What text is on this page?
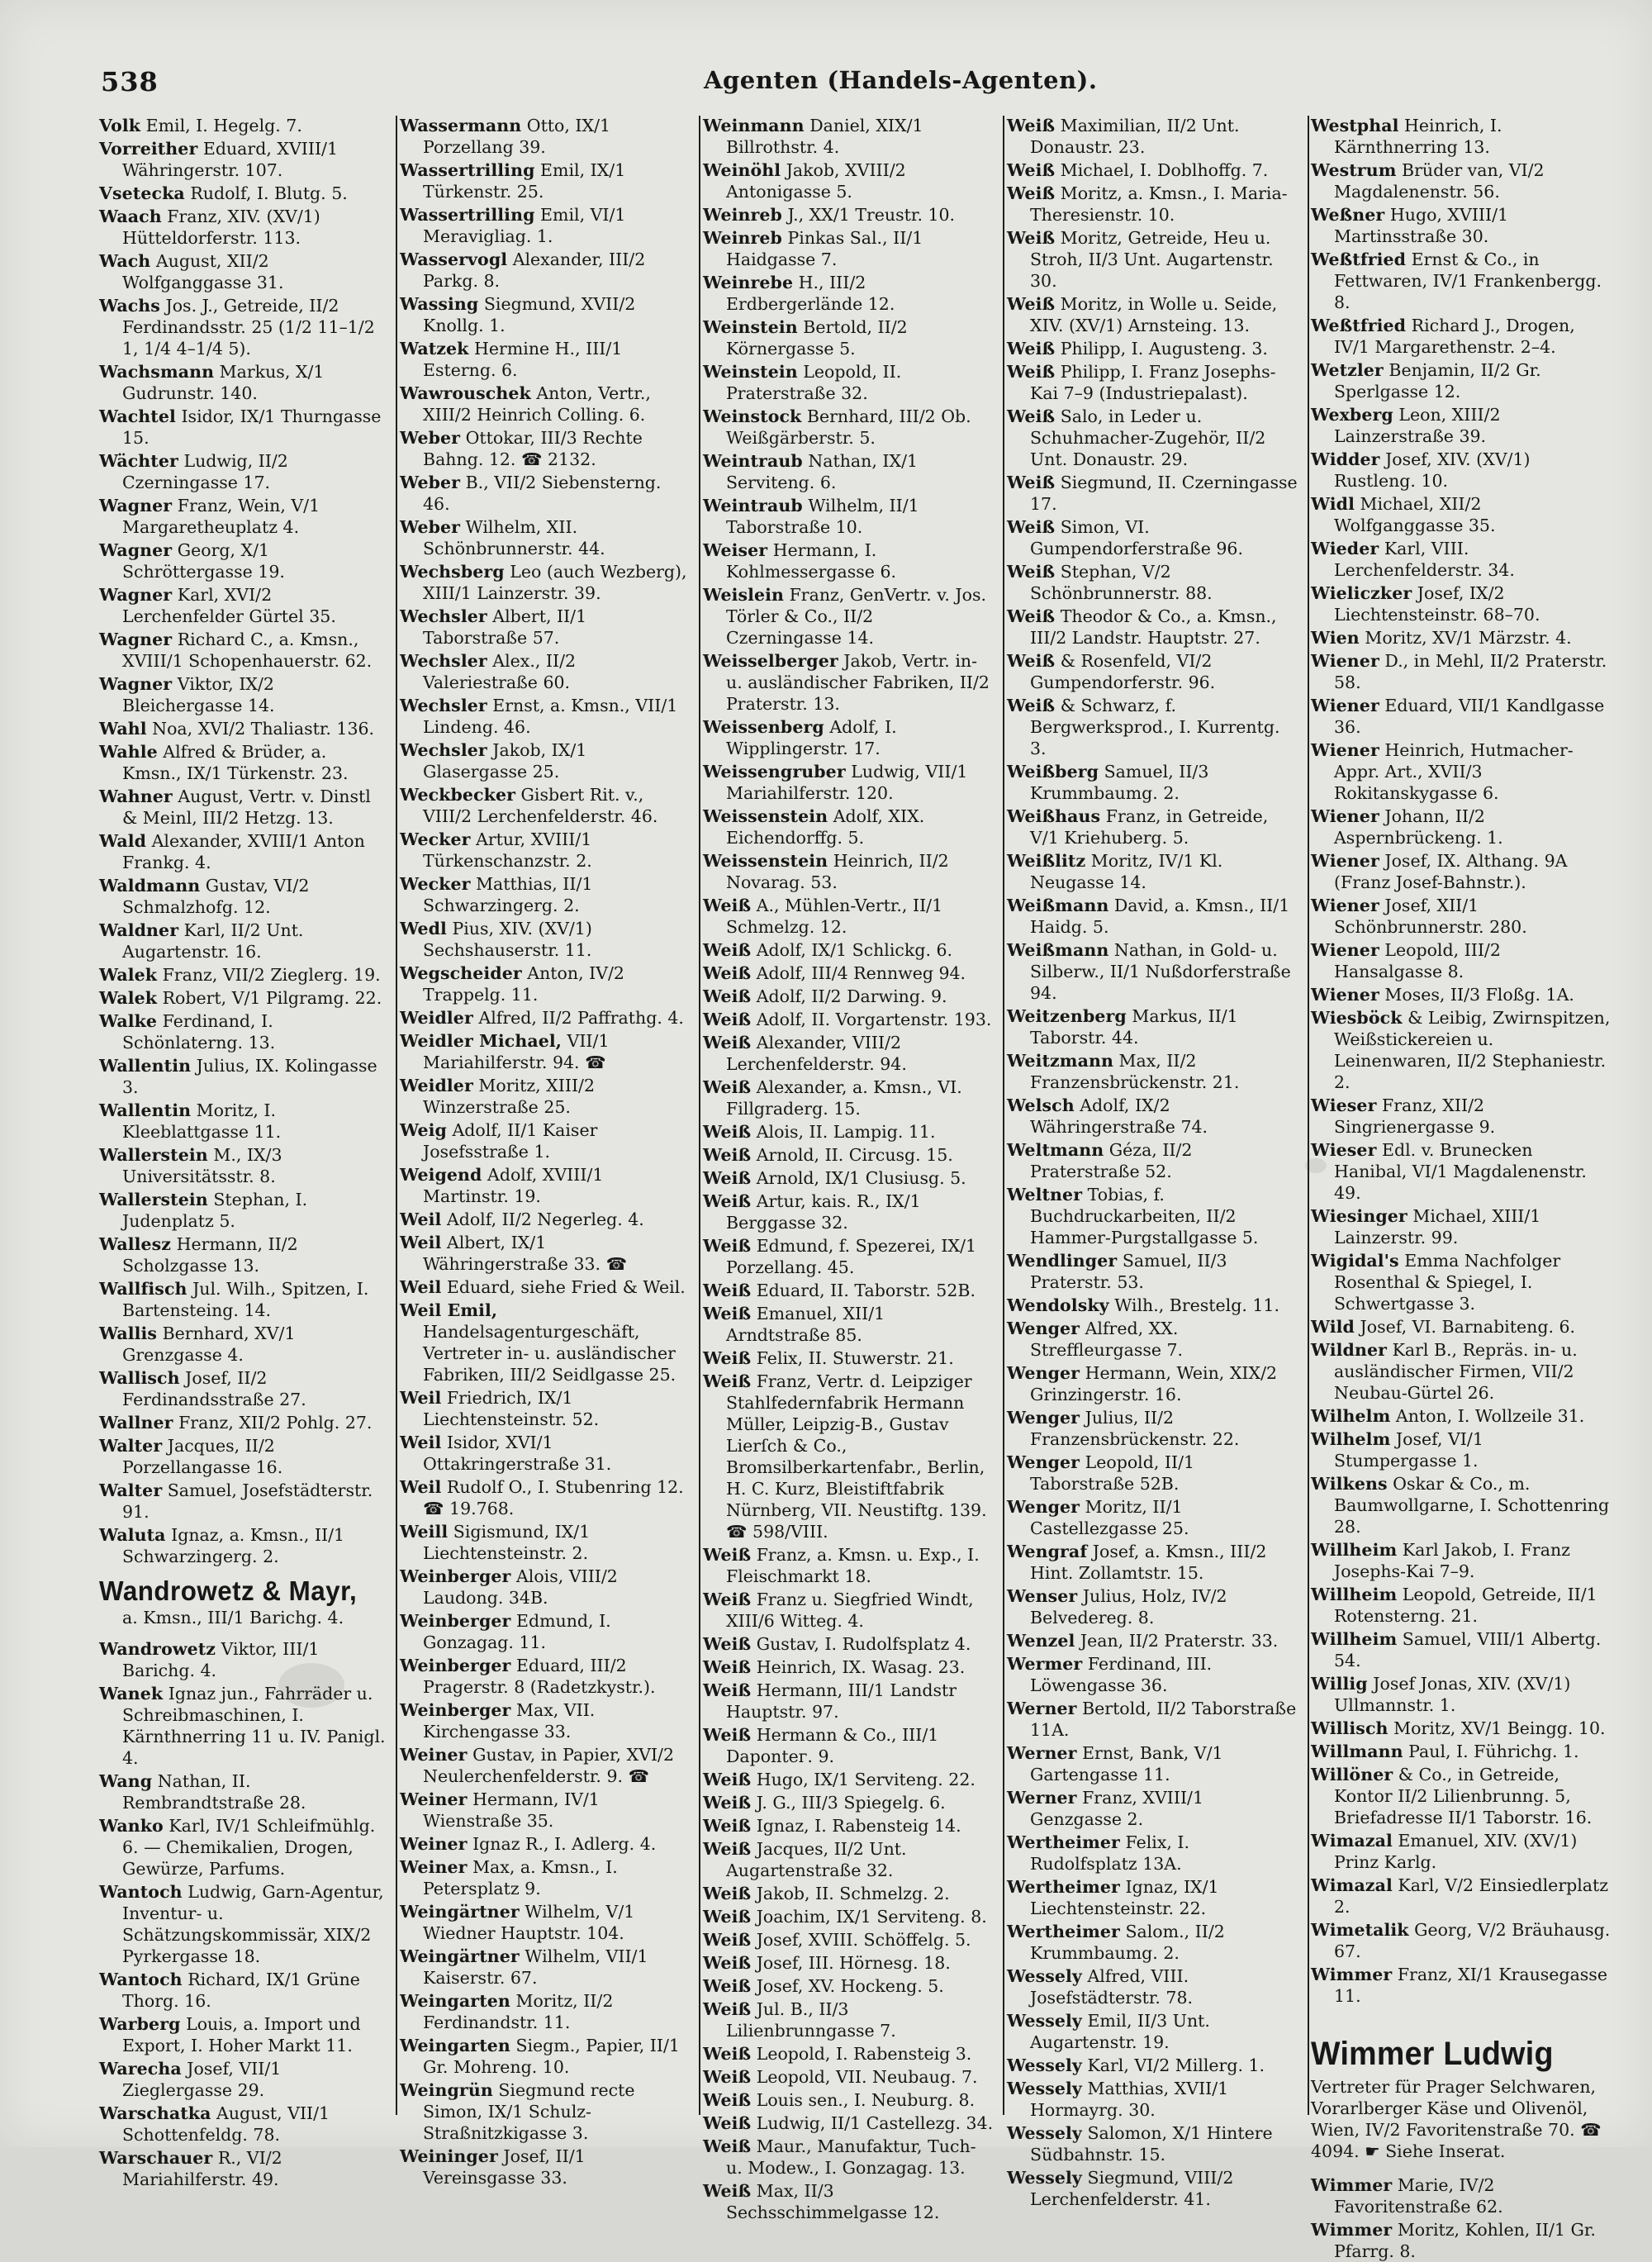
538	Agenten (Handels-Agenten).
Volk Emil, I. Hegelg. 7.
Vorreither Eduard, XVIII/1 Währingerstr. 107.
Vsetecka Rudolf, I. Blutg. 5.
Waach Franz, XIV. (XV/1) Hütteldorferstr. 113.
Wach August, XII/2 Wolfganggasse 31.
Wachs Jos. J., Getreide, II/2 Ferdinandsstr. 25 (1/2 11–1/2 1, 1/4 4–1/4 5).
Wachsmann Markus, X/1 Gudrunstr. 140.
Wachtel Isidor, IX/1 Thurngasse 15.
Wächter Ludwig, II/2 Czerningasse 17.
Wagner Franz, Wein, V/1 Margaretheuplatz 4.
Wagner Georg, X/1 Schröttergasse 19.
Wagner Karl, XVI/2 Lerchenfelder Gürtel 35.
Wagner Richard C., a. Kmsn., XVIII/1 Schopenhauerstr. 62.
Wagner Viktor, IX/2 Bleichergasse 14.
Wahl Noa, XVI/2 Thaliastr. 136.
Wahle Alfred & Brüder, a. Kmsn., IX/1 Türkenstr. 23.
Wahner August, Vertr. v. Dinstl & Meinl, III/2 Hetzg. 13.
Wald Alexander, XVIII/1 Anton Frankg. 4.
Waldmann Gustav, VI/2 Schmalzhofg. 12.
Waldner Karl, II/2 Unt. Augartenstr. 16.
Walek Franz, VII/2 Zieglerg. 19.
Walek Robert, V/1 Pilgramg. 22.
Walke Ferdinand, I. Schönlaterng. 13.
Wallentin Julius, IX. Kolingasse 3.
Wallentin Moritz, I. Kleeblattgasse 11.
Wallerstein M., IX/3 Universitätsstr. 8.
Wallerstein Stephan, I. Judenplatz 5.
Wallesz Hermann, II/2 Scholzgasse 13.
Wallfisch Jul. Wilh., Spitzen, I. Bartensteing. 14.
Wallis Bernhard, XV/1 Grenzgasse 4.
Wallisch Josef, II/2 Ferdinandsstraße 27.
Wallner Franz, XII/2 Pohlg. 27.
Walter Jacques, II/2 Porzellangasse 16.
Walter Samuel, Josefstädterstr. 91.
Waluta Ignaz, a. Kmsn., II/1 Schwarzingerg. 2.
Wandrowetz & Mayr,
a. Kmsn., III/1 Barichg. 4.
Wandrowetz Viktor, III/1 Barichg. 4.
Wanek Ignaz jun., Fahrräder u. Schreibmaschinen, I. Kärnthnerring 11 u. IV. Panigl. 4.
Wang Nathan, II. Rembrandtstraße 28.
Wanko Karl, IV/1 Schleifmühlg. 6. — Chemikalien, Drogen, Gewürze, Parfums.
Wantoch Ludwig, Garn-Agentur, Inventur- u. Schätzungskommissär, XIX/2 Pyrkergasse 18.
Wantoch Richard, IX/1 Grüne Thorg. 16.
Warberg Louis, a. Import und Export, I. Hoher Markt 11.
Warecha Josef, VII/1 Zieglergasse 29.
Warschatka August, VII/1 Schottenfeldg. 78.
Warschauer R., VI/2 Mariahilferstr. 49.
Wassermann Otto, IX/1 Porzellang 39.
Wassertrilling Emil, IX/1 Türkenstr. 25.
Wassertrilling Emil, VI/1 Meravigliag. 1.
Wasservogl Alexander, III/2 Parkg. 8.
Wassing Siegmund, XVII/2 Knollg. 1.
Watzek Hermine H., III/1 Esterng. 6.
Wawrouschek Anton, Vertr., XIII/2 Heinrich Colling. 6.
Weber Ottokar, III/3 Rechte Bahng. 12. ☎ 2132.
Weber B., VII/2 Siebensterng. 46.
Weber Wilhelm, XII. Schönbrunnerstr. 44.
Wechsberg Leo (auch Wezberg), XIII/1 Lainzerstr. 39.
Wechsler Albert, II/1 Taborstraße 57.
Wechsler Alex., II/2 Valeriestraße 60.
Wechsler Ernst, a. Kmsn., VII/1 Lindeng. 46.
Wechsler Jakob, IX/1 Glasergasse 25.
Weckbecker Gisbert Rit. v., VIII/2 Lerchenfelderstr. 46.
Wecker Artur, XVIII/1 Türkenschanzstr. 2.
Wecker Matthias, II/1 Schwarzingerg. 2.
Wedl Pius, XIV. (XV/1) Sechshauserstr. 11.
Wegscheider Anton, IV/2 Trappelg. 11.
Weidler Alfred, II/2 Paffrathg. 4.
Weidler Michael, VII/1 Mariahilferstr. 94. ☎
Weidler Moritz, XIII/2 Winzerstraße 25.
Weig Adolf, II/1 Kaiser Josefsstraße 1.
Weigend Adolf, XVIII/1 Martinstr. 19.
Weil Adolf, II/2 Negerleg. 4.
Weil Albert, IX/1 Währingerstraße 33. ☎
Weil Eduard, siehe Fried & Weil.
Weil Emil, Handelsagenturgeschäft, Vertreter in- u. ausländischer Fabriken, III/2 Seidlgasse 25.
Weil Friedrich, IX/1 Liechtensteinstr. 52.
Weil Isidor, XVI/1 Ottakringerstraße 31.
Weil Rudolf O., I. Stubenring 12. ☎ 19.768.
Weill Sigismund, IX/1 Liechtensteinstr. 2.
Weinberger Alois, VIII/2 Laudong. 34B.
Weinberger Edmund, I. Gonzagag. 11.
Weinberger Eduard, III/2 Pragerstr. 8 (Radetzkystr.).
Weinberger Max, VII. Kirchengasse 33.
Weiner Gustav, in Papier, XVI/2 Neulerchenfelderstr. 9. ☎
Weiner Hermann, IV/1 Wienstraße 35.
Weiner Ignaz R., I. Adlerg. 4.
Weiner Max, a. Kmsn., I. Petersplatz 9.
Weingärtner Wilhelm, V/1 Wiedner Hauptstr. 104.
Weingärtner Wilhelm, VII/1 Kaiserstr. 67.
Weingarten Moritz, II/2 Ferdinandstr. 11.
Weingarten Siegm., Papier, II/1 Gr. Mohreng. 10.
Weingrün Siegmund recte Simon, IX/1 Schulz-Straßnitzkigasse 3.
Weininger Josef, II/1 Vereinsgasse 33.
Weinmann Daniel, XIX/1 Billrothstr. 4.
Weinöhl Jakob, XVIII/2 Antonigasse 5.
Weinreb J., XX/1 Treustr. 10.
Weinreb Pinkas Sal., II/1 Haidgasse 7.
Weinrebe H., III/2 Erdbergerlände 12.
Weinstein Bertold, II/2 Körnergasse 5.
Weinstein Leopold, II. Praterstraße 32.
Weinstock Bernhard, III/2 Ob. Weißgärberstr. 5.
Weintraub Nathan, IX/1 Serviteng. 6.
Weintraub Wilhelm, II/1 Taborstraße 10.
Weiser Hermann, I. Kohlmessergasse 6.
Weislein Franz, GenVertr. v. Jos. Törler & Co., II/2 Czerningasse 14.
Weisselberger Jakob, Vertr. in- u. ausländischer Fabriken, II/2 Praterstr. 13.
Weissenberg Adolf, I. Wipplingerstr. 17.
Weissengruber Ludwig, VII/1 Mariahilferstr. 120.
Weissenstein Adolf, XIX. Eichendorffg. 5.
Weissenstein Heinrich, II/2 Novarag. 53.
Weiß A., Mühlen-Vertr., II/1 Schmelzg. 12.
Weiß Adolf, IX/1 Schlickg. 6.
Weiß Adolf, III/4 Rennweg 94.
Weiß Adolf, II/2 Darwing. 9.
Weiß Adolf, II. Vorgartenstr. 193.
Weiß Alexander, VIII/2 Lerchenfelderstr. 94.
Weiß Alexander, a. Kmsn., VI. Fillgraderg. 15.
Weiß Alois, II. Lampig. 11.
Weiß Arnold, II. Circusg. 15.
Weiß Arnold, IX/1 Clusiusg. 5.
Weiß Artur, kais. R., IX/1 Berggasse 32.
Weiß Edmund, f. Spezerei, IX/1 Porzellang. 45.
Weiß Eduard, II. Taborstr. 52B.
Weiß Emanuel, XII/1 Arndtstraße 85.
Weiß Felix, II. Stuwerstr. 21.
Weiß Franz, Vertr. d. Leipziger Stahlfedernfabrik Hermann Müller, Leipzig-B., Gustav Lierſch & Co., Bromsilberkartenfabr., Berlin, H. C. Kurz, Bleistiftfabrik Nürnberg, VII. Neustiftg. 139. ☎ 598/VIII.
Weiß Franz, a. Kmsn. u. Exp., I. Fleischmarkt 18.
Weiß Franz u. Siegfried Windt, XIII/6 Witteg. 4.
Weiß Gustav, I. Rudolfsplatz 4.
Weiß Heinrich, IX. Wasag. 23.
Weiß Hermann, III/1 Landstr Hauptstr. 97.
Weiß Hermann & Co., III/1 Dapontег. 9.
Weiß Hugo, IX/1 Serviteng. 22.
Weiß J. G., III/3 Spiegelg. 6.
Weiß Ignaz, I. Rabensteig 14.
Weiß Jacques, II/2 Unt. Augartenstraße 32.
Weiß Jakob, II. Schmelzg. 2.
Weiß Joachim, IX/1 Serviteng. 8.
Weiß Josef, XVIII. Schöffelg. 5.
Weiß Josef, III. Hörnesg. 18.
Weiß Josef, XV. Hockeng. 5.
Weiß Jul. B., II/3 Lilienbrunngasse 7.
Weiß Leopold, I. Rabensteig 3.
Weiß Leopold, VII. Neubaug. 7.
Weiß Louis sen., I. Neuburg. 8.
Weiß Ludwig, II/1 Castellezg. 34.
Weiß Maur., Manufaktur, Tuch- u. Modew., I. Gonzagag. 13.
Weiß Max, II/3 Sechsschimmelgasse 12.
Weiß Maximilian, II/2 Unt. Donaustr. 23.
Weiß Michael, I. Doblhoffg. 7.
Weiß Moritz, a. Kmsn., I. Maria-Theresienstr. 10.
Weiß Moritz, Getreide, Heu u. Stroh, II/3 Unt. Augartenstr. 30.
Weiß Moritz, in Wolle u. Seide, XIV. (XV/1) Arnsteing. 13.
Weiß Philipp, I. Augusteng. 3.
Weiß Philipp, I. Franz Josephs-Kai 7–9 (Industriepalast).
Weiß Salo, in Leder u. Schuhmacher-Zugehör, II/2 Unt. Donaustr. 29.
Weiß Siegmund, II. Czerningasse 17.
Weiß Simon, VI. Gumpendorferstraße 96.
Weiß Stephan, V/2 Schönbrunnerstr. 88.
Weiß Theodor & Co., a. Kmsn., III/2 Landstr. Hauptstr. 27.
Weiß & Rosenfeld, VI/2 Gumpendorferstr. 96.
Weiß & Schwarz, f. Bergwerksprod., I. Kurrentg. 3.
Weißberg Samuel, II/3 Krummbaumg. 2.
Weißhaus Franz, in Getreide, V/1 Kriehuberg. 5.
Weißlitz Moritz, IV/1 Kl. Neugasse 14.
Weißmann David, a. Kmsn., II/1 Haidg. 5.
Weißmann Nathan, in Gold- u. Silberw., II/1 Nußdorferstraße 94.
Weitzenberg Markus, II/1 Taborstr. 44.
Weitzmann Max, II/2 Franzensbrückenstr. 21.
Welsch Adolf, IX/2 Währingerstraße 74.
Weltmann Géza, II/2 Praterstraße 52.
Weltner Tobias, f. Buchdruckarbeiten, II/2 Hammer-Purgstallgasse 5.
Wendlinger Samuel, II/3 Praterstr. 53.
Wendolsky Wilh., Brestelg. 11.
Wenger Alfred, XX. Streffleurgasse 7.
Wenger Hermann, Wein, XIX/2 Grinzingerstr. 16.
Wenger Julius, II/2 Franzensbrückenstr. 22.
Wenger Leopold, II/1 Taborstraße 52B.
Wenger Moritz, II/1 Castellezgasse 25.
Wengraf Josef, a. Kmsn., III/2 Hint. Zollamtstr. 15.
Wenser Julius, Holz, IV/2 Belvedereg. 8.
Wenzel Jean, II/2 Praterstr. 33.
Wermer Ferdinand, III. Löwengasse 36.
Werner Bertold, II/2 Taborstraße 11A.
Werner Ernst, Bank, V/1 Gartengasse 11.
Werner Franz, XVIII/1 Genzgasse 2.
Wertheimer Felix, I. Rudolfsplatz 13A.
Wertheimer Ignaz, IX/1 Liechtensteinstr. 22.
Wertheimer Salom., II/2 Krummbaumg. 2.
Wessely Alfred, VIII. Josefstädterstr. 78.
Wessely Emil, II/3 Unt. Augartenstr. 19.
Wessely Karl, VI/2 Millerg. 1.
Wessely Matthias, XVII/1 Hormayrg. 30.
Wessely Salomon, X/1 Hintere Südbahnstr. 15.
Wessely Siegmund, VIII/2 Lerchenfelderstr. 41.
Westphal Heinrich, I. Kärnthnerring 13.
Westrum Brüder van, VI/2 Magdalenenstr. 56.
Weßner Hugo, XVIII/1 Martinsstraße 30.
Weßtfried Ernst & Co., in Fettwaren, IV/1 Frankenbergg. 8.
Weßtfried Richard J., Drogen, IV/1 Margarethenstr. 2–4.
Wetzler Benjamin, II/2 Gr. Sperlgasse 12.
Wexberg Leon, XIII/2 Lainzerstraße 39.
Widder Josef, XIV. (XV/1) Rustleng. 10.
Widl Michael, XII/2 Wolfganggasse 35.
Wieder Karl, VIII. Lerchenfelderstr. 34.
Wieliczker Josef, IX/2 Liechtensteinstr. 68–70.
Wien Moritz, XV/1 Märzstr. 4.
Wiener D., in Mehl, II/2 Praterstr. 58.
Wiener Eduard, VII/1 Kandlgasse 36.
Wiener Heinrich, Hutmacher-Appr. Art., XVII/3 Rokitanskygasse 6.
Wiener Johann, II/2 Aspernbrückeng. 1.
Wiener Josef, IX. Althang. 9A (Franz Josef-Bahnstr.).
Wiener Josef, XII/1 Schönbrunnerstr. 280.
Wiener Leopold, III/2 Hansalgasse 8.
Wiener Moses, II/3 Floßg. 1A.
Wiesböck & Leibig, Zwirnspitzen, Weißstickereien u. Leinenwaren, II/2 Stephaniestr. 2.
Wieser Franz, XII/2 Singrienergasse 9.
Wieser Edl. v. Brunecken Hanibal, VI/1 Magdalenenstr. 49.
Wiesinger Michael, XIII/1 Lainzerstr. 99.
Wigidal's Emma Nachfolger Rosenthal & Spiegel, I. Schwertgasse 3.
Wild Josef, VI. Barnabiteng. 6.
Wildner Karl B., Repräs. in- u. ausländischer Firmen, VII/2 Neubau-Gürtel 26.
Wilhelm Anton, I. Wollzeile 31.
Wilhelm Josef, VI/1 Stumpergasse 1.
Wilkens Oskar & Co., m. Baumwollgarne, I. Schottenring 28.
Willheim Karl Jakob, I. Franz Josephs-Kai 7–9.
Willheim Leopold, Getreide, II/1 Rotensterng. 21.
Willheim Samuel, VIII/1 Albertg. 54.
Willig Josef Jonas, XIV. (XV/1) Ullmannstr. 1.
Willisch Moritz, XV/1 Beingg. 10.
Willmann Paul, I. Führichg. 1.
Willöner & Co., in Getreide, Kontor II/2 Lilienbrunng. 5, Briefadresse II/1 Taborstr. 16.
Wimazal Emanuel, XIV. (XV/1) Prinz Karlg.
Wimazal Karl, V/2 Einsiedlerplatz 2.
Wimetalik Georg, V/2 Bräuhausg. 67.
Wimmer Franz, XI/1 Krausegasse 11.
Wimmer Ludwig
Vertreter für Prager Selchwaren, Vorarlberger Käse und Olivenöl, Wien, IV/2 Favoritenstraße 70. ☎ 4094. ☛ Siehe Inserat.
Wimmer Marie, IV/2 Favoritenstraße 62.
Wimmer Moritz, Kohlen, II/1 Gr. Pfarrg. 8.
